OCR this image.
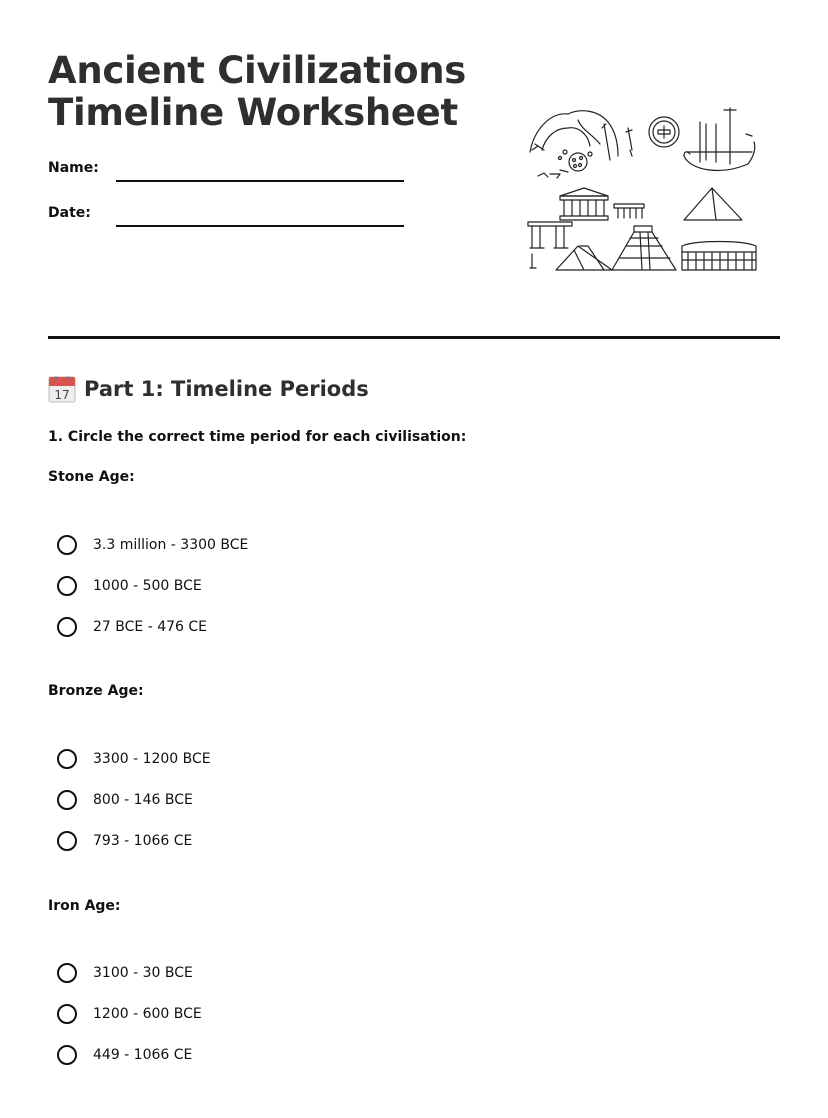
Ancient Civilizations
Timeline Worksheet
Name:
Date:
17 Part 1: Timeline Periods
1. Circle the correct time period for each civilisation:
Stone Age:
3.3 million - 3300 BCE
1000 - 500 BCE
27 BCE - 476 CE
Bronze Age:
3300 - 1200 BCE
800 - 146 BCE
793 - 1066 CE
Iron Age:
3100 - 30 BCE
1200 - 600 BCE
449 - 1066 CE
